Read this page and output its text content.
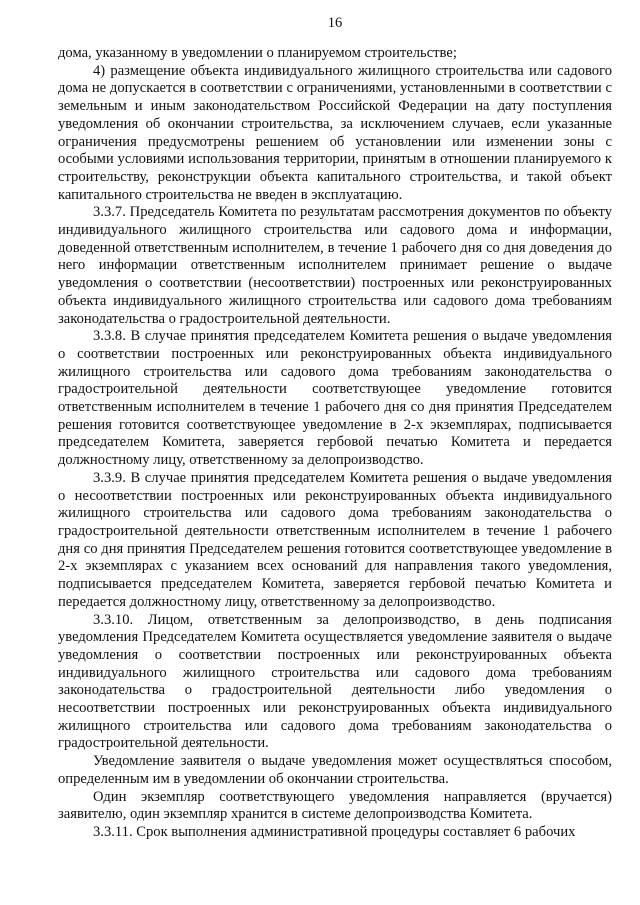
16

дома, указанному в уведомлении о планируемом строительстве;

4) размещение объекта индивидуального жилищного строительства или садового дома не допускается в соответствии с ограничениями, установленными в соответствии с земельным и иным законодательством Российской Федерации на дату поступления уведомления об окончании строительства, за исключением случаев, если указанные ограничения предусмотрены решением об установлении или изменении зоны с особыми условиями использования территории, принятым в отношении планируемого к строительству, реконструкции объекта капитального строительства, и такой объект капитального строительства не введен в эксплуатацию.

3.3.7. Председатель Комитета по результатам рассмотрения документов по объекту индивидуального жилищного строительства или садового дома и информации, доведенной ответственным исполнителем, в течение 1 рабочего дня со дня доведения до него информации ответственным исполнителем принимает решение о выдаче уведомления о соответствии (несоответствии) построенных или реконструированных объекта индивидуального жилищного строительства или садового дома требованиям законодательства о градостроительной деятельности.

3.3.8. В случае принятия председателем Комитета решения о выдаче уведомления о соответствии построенных или реконструированных объекта индивидуального жилищного строительства или садового дома требованиям законодательства о градостроительной деятельности соответствующее уведомление готовится ответственным исполнителем в течение 1 рабочего дня со дня принятия Председателем решения готовится соответствующее уведомление в 2-х экземплярах, подписывается председателем Комитета, заверяется гербовой печатью Комитета и передается должностному лицу, ответственному за делопроизводство.

3.3.9. В случае принятия председателем Комитета решения о выдаче уведомления о несоответствии построенных или реконструированных объекта индивидуального жилищного строительства или садового дома требованиям законодательства о градостроительной деятельности ответственным исполнителем в течение 1 рабочего дня со дня принятия Председателем решения готовится соответствующее уведомление в 2-х экземплярах с указанием всех оснований для направления такого уведомления, подписывается председателем Комитета, заверяется гербовой печатью Комитета и передается должностному лицу, ответственному за делопроизводство.

3.3.10. Лицом, ответственным за делопроизводство, в день подписания уведомления Председателем Комитета осуществляется уведомление заявителя о выдаче уведомления о соответствии построенных или реконструированных объекта индивидуального жилищного строительства или садового дома требованиям законодательства о градостроительной деятельности либо уведомления о несоответствии построенных или реконструированных объекта индивидуального жилищного строительства или садового дома требованиям законодательства о градостроительной деятельности.

Уведомление заявителя о выдаче уведомления может осуществляться способом, определенным им в уведомлении об окончании строительства.

Один экземпляр соответствующего уведомления направляется (вручается) заявителю, один экземпляр хранится в системе делопроизводства Комитета.

3.3.11. Срок выполнения административной процедуры составляет 6 рабочих
